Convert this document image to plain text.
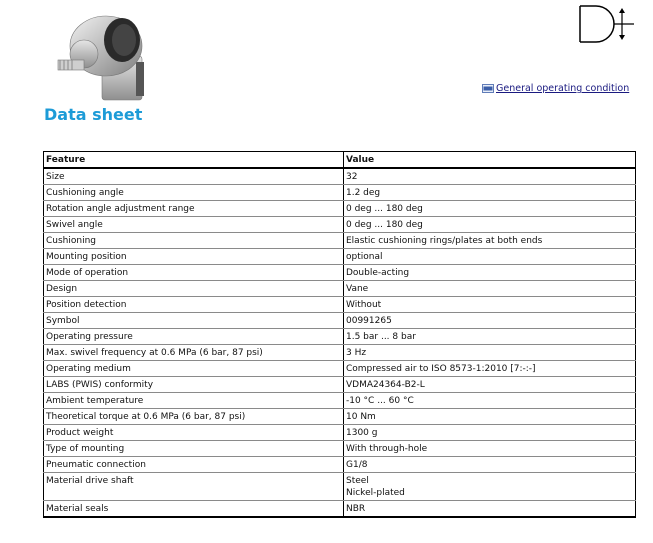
General operating condition
Data sheet
Feature	Value
Size	32

Cushioning angle	1.2 deg

Rotation angle adjustment range	0 deg ... 180 deg

Swivel angle	0 deg ... 180 deg

Cushioning	Elastic cushioning rings/plates at both ends

Mounting position	optional

Mode of operation	Double-acting

Design	Vane

Position detection	Without

Symbol	00991265

Operating pressure	1.5 bar ... 8 bar

Max. swivel frequency at 0.6 MPa (6 bar, 87 psi)	3 Hz

Operating medium	Compressed air to ISO 8573-1:2010 [7:-:-]

LABS (PWIS) conformity	VDMA24364-B2-L

Ambient temperature	-10 °C ... 60 °C

Theoretical torque at 0.6 MPa (6 bar, 87 psi)	10 Nm

Product weight	1300 g

Type of mounting	With through-hole

Pneumatic connection	G1/8

Material drive shaft	Steel
Nickel-plated

Material seals	NBR
